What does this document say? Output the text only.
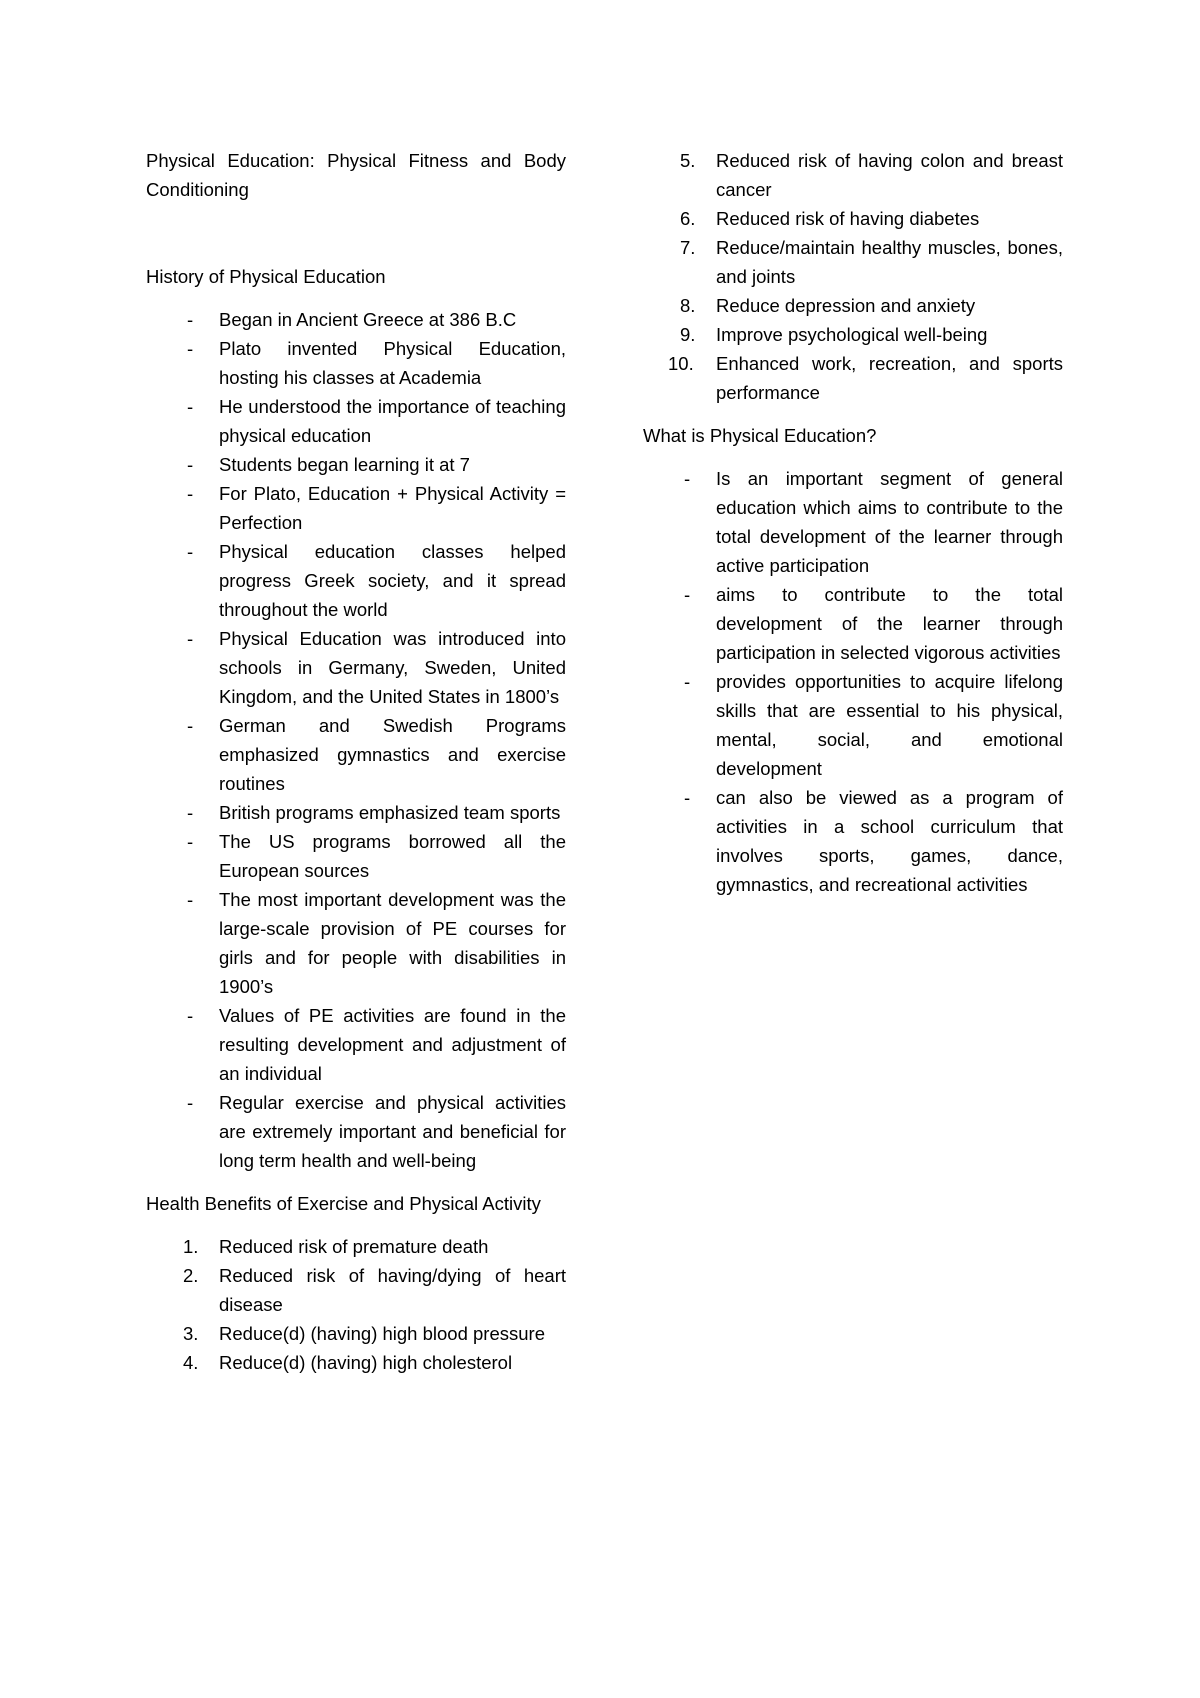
Physical Education: Physical Fitness and Body Conditioning

History of Physical Education

- Began in Ancient Greece at 386 B.C
- Plato invented Physical Education, hosting his classes at Academia
- He understood the importance of teaching physical education
- Students began learning it at 7
- For Plato, Education + Physical Activity = Perfection
- Physical education classes helped progress Greek society, and it spread throughout the world
- Physical Education was introduced into schools in Germany, Sweden, United Kingdom, and the United States in 1800’s
- German and Swedish Programs emphasized gymnastics and exercise routines
- British programs emphasized team sports
- The US programs borrowed all the European sources
- The most important development was the large-scale provision of PE courses for girls and for people with disabilities in 1900’s
- Values of PE activities are found in the resulting development and adjustment of an individual
- Regular exercise and physical activities are extremely important and beneficial for long term health and well-being

Health Benefits of Exercise and Physical Activity

1. Reduced risk of premature death
2. Reduced risk of having/dying of heart disease
3. Reduce(d) (having) high blood pressure
4. Reduce(d) (having) high cholesterol
5. Reduced risk of having colon and breast cancer
6. Reduced risk of having diabetes
7. Reduce/maintain healthy muscles, bones, and joints
8. Reduce depression and anxiety
9. Improve psychological well-being
10. Enhanced work, recreation, and sports performance

What is Physical Education?

- Is an important segment of general education which aims to contribute to the total development of the learner through active participation
- aims to contribute to the total development of the learner through participation in selected vigorous activities
- provides opportunities to acquire lifelong skills that are essential to his physical, mental, social, and emotional development
- can also be viewed as a program of activities in a school curriculum that involves sports, games, dance, gymnastics, and recreational activities
